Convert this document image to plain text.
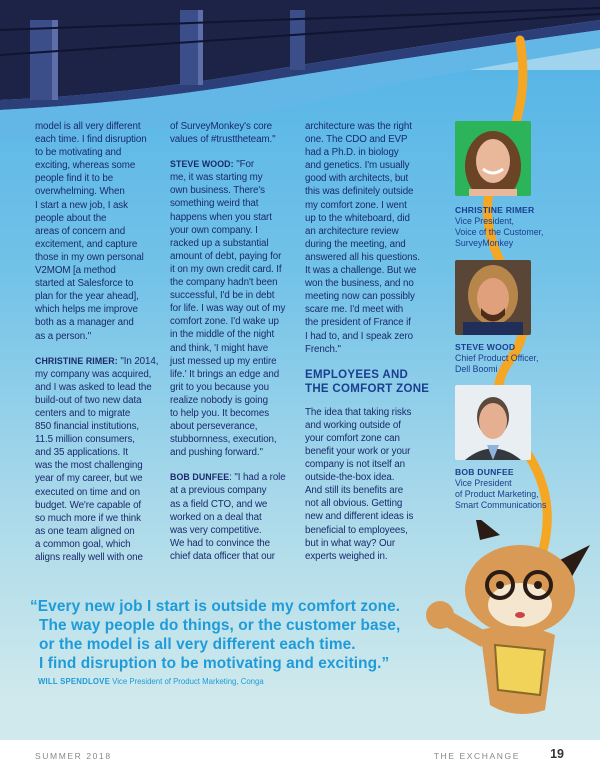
model is all very different
each time. I find disruption
to be motivating and
exciting, whereas some
people find it to be
overwhelming. When
I start a new job, I ask
people about the
areas of concern and
excitement, and capture
those in my own personal
V2MOM [a method
started at Salesforce to
plan for the year ahead],
which helps me improve
both as a manager and
as a person."

CHRISTINE RIMER: "In 2014,
my company was acquired,
and I was asked to lead the
build-out of two new data
centers and to migrate
850 financial institutions,
11.5 million consumers,
and 35 applications. It
was the most challenging
year of my career, but we
executed on time and on
budget. We're capable of
so much more if we think
as one team aligned on
a common goal, which
aligns really well with one

of SurveyMonkey's core
values of #trusttheteam."

STEVE WOOD: "For
me, it was starting my
own business. There's
something weird that
happens when you start
your own company. I
racked up a substantial
amount of debt, paying for
it on my own credit card. If
the company hadn't been
successful, I'd be in debt
for life. I was way out of my
comfort zone. I'd wake up
in the middle of the night
and think, 'I might have
just messed up my entire
life.' It brings an edge and
grit to you because you
realize nobody is going
to help you. It becomes
about perseverance,
stubbornness, execution,
and pushing forward."

BOB DUNFEE: "I had a role
at a previous company
as a field CTO, and we
worked on a deal that
was very competitive.
We had to convince the
chief data officer that our

architecture was the right
one. The CDO and EVP
had a Ph.D. in biology
and genetics. I'm usually
good with architects, but
this was definitely outside
my comfort zone. I went
up to the whiteboard, did
an architecture review
during the meeting, and
answered all his questions.
It was a challenge. But we
won the business, and no
meeting now can possibly
scare me. I'd meet with
the president of France if
I had to, and I speak zero
French."

EMPLOYEES AND
THE COMFORT ZONE

The idea that taking risks
and working outside of
your comfort zone can
benefit your work or your
company is not itself an
outside-the-box idea.
And still its benefits are
not all obvious. Getting
new and different ideas is
beneficial to employees,
but in what way? Our
experts weighed in.

CHRISTINE RIMER
Vice President,
Voice of the Customer,
SurveyMonkey
STEVE WOOD
Chief Product Officer,
Dell Boomi
BOB DUNFEE
Vice President
of Product Marketing,
Smart Communications
“Every new job I start is outside my comfort zone.
The way people do things, or the customer base,
or the model is all very different each time.
I find disruption to be motivating and exciting.”
WILL SPENDLOVE Vice President of Product Marketing, Conga
SUMMER 2018	THE EXCHANGE 19
